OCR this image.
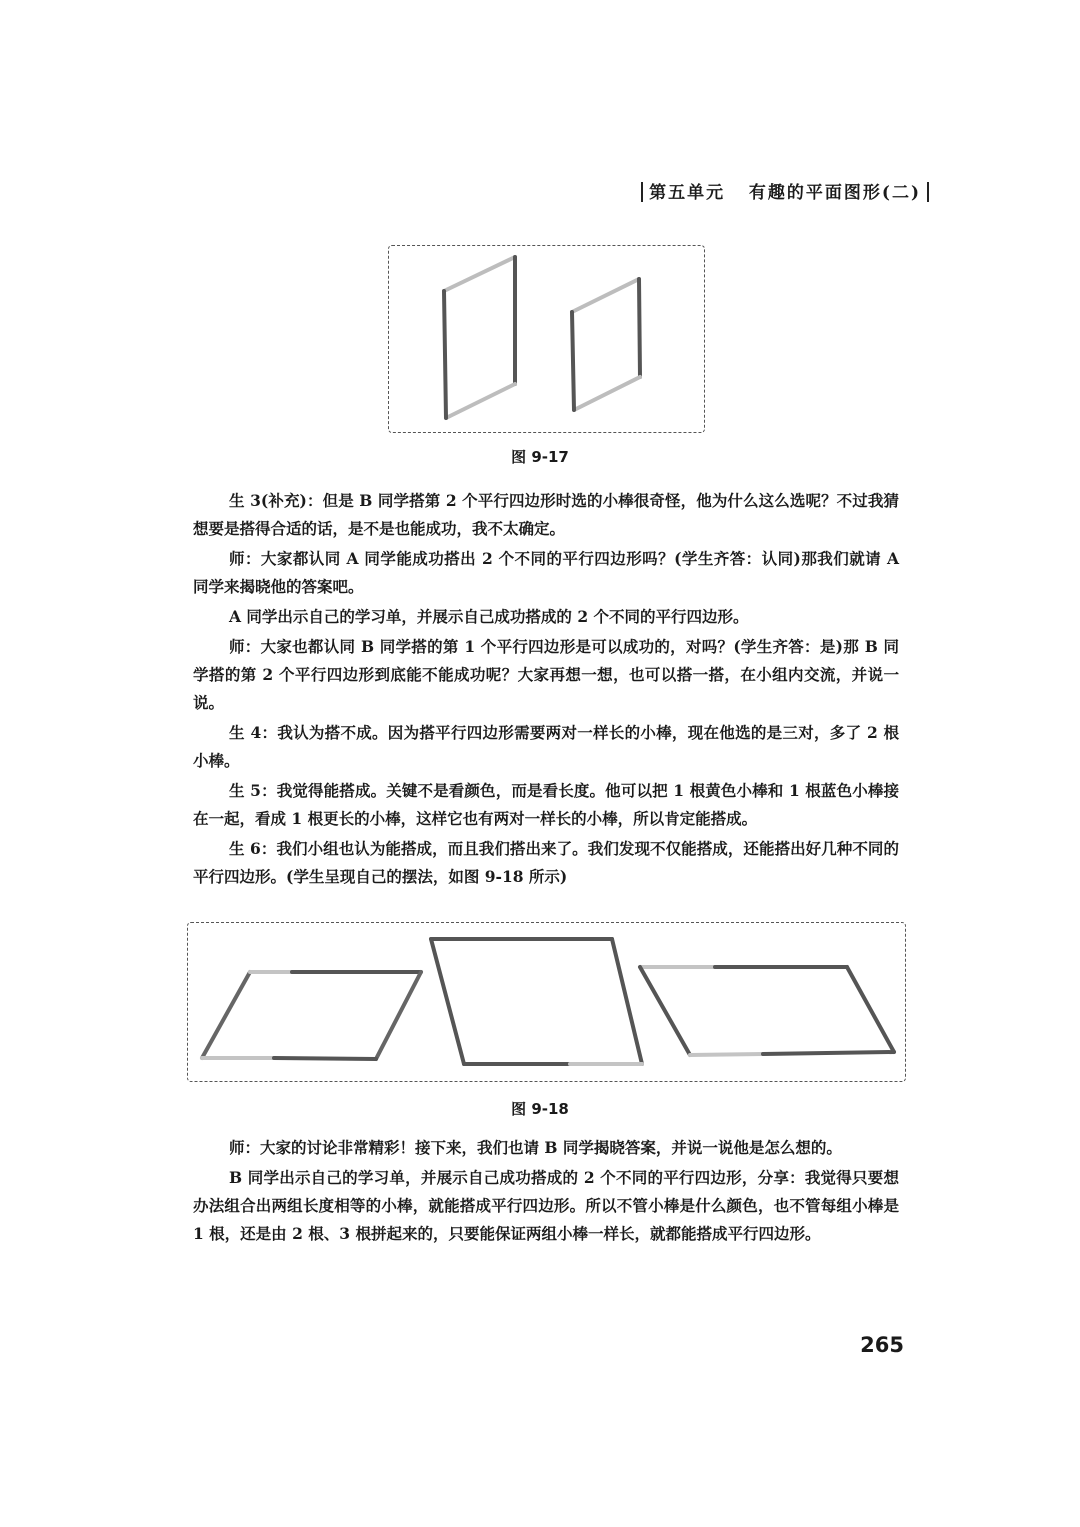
第五单元 有趣的平面图形(二)
图 9-17

生 3(补充)：但是 B 同学搭第 2 个平行四边形时选的小棒很奇怪，他为什么这么选呢？不过我猜想要是搭得合适的话，是不是也能成功，我不太确定。

师：大家都认同 A 同学能成功搭出 2 个不同的平行四边形吗？(学生齐答：认同)那我们就请 A 同学来揭晓他的答案吧。

A 同学出示自己的学习单，并展示自己成功搭成的 2 个不同的平行四边形。

师：大家也都认同 B 同学搭的第 1 个平行四边形是可以成功的，对吗？(学生齐答：是)那 B 同学搭的第 2 个平行四边形到底能不能成功呢？大家再想一想，也可以搭一搭，在小组内交流，并说一说。

生 4：我认为搭不成。因为搭平行四边形需要两对一样长的小棒，现在他选的是三对，多了 2 根小棒。

生 5：我觉得能搭成。关键不是看颜色，而是看长度。他可以把 1 根黄色小棒和 1 根蓝色小棒接在一起，看成 1 根更长的小棒，这样它也有两对一样长的小棒，所以肯定能搭成。

生 6：我们小组也认为能搭成，而且我们搭出来了。我们发现不仅能搭成，还能搭出好几种不同的平行四边形。(学生呈现自己的摆法，如图 9-18 所示)

图 9-18

师：大家的讨论非常精彩！接下来，我们也请 B 同学揭晓答案，并说一说他是怎么想的。

B 同学出示自己的学习单，并展示自己成功搭成的 2 个不同的平行四边形，分享：我觉得只要想办法组合出两组长度相等的小棒，就能搭成平行四边形。所以不管小棒是什么颜色，也不管每组小棒是 1 根，还是由 2 根、3 根拼起来的，只要能保证两组小棒一样长，就都能搭成平行四边形。

265
